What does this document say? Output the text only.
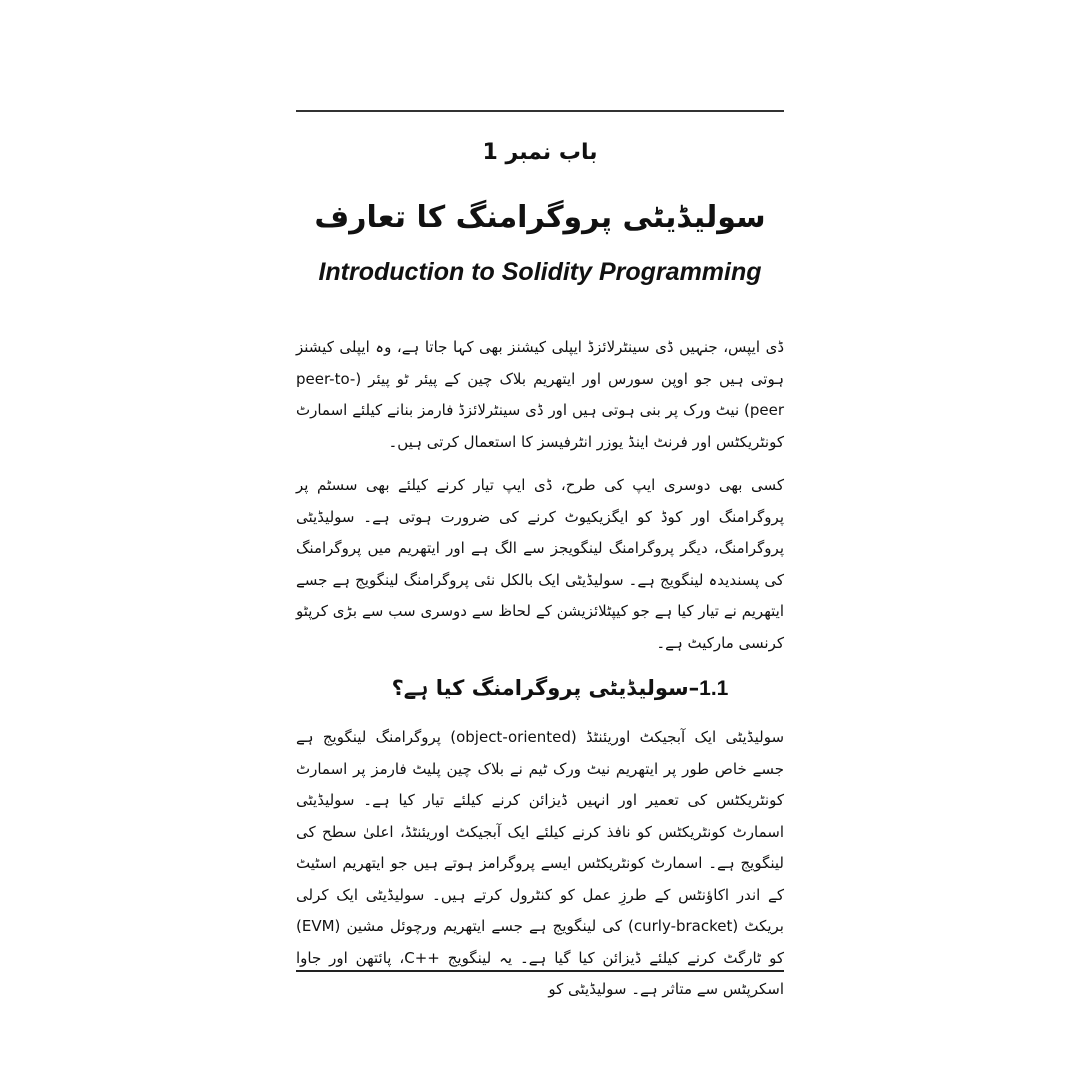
باب نمبر 1
سولیڈیٹی پروگرامنگ کا تعارف
Introduction to Solidity Programming

ڈی ایپس، جنہیں ڈی سینٹرلائزڈ ایپلی کیشنز بھی کہا جاتا ہے، وہ ایپلی کیشنز ہوتی ہیں جو اوپن سورس اور ایتھریم بلاک چین کے پیئر ٹو پیئر (peer-to-peer) نیٹ ورک پر بنی ہوتی ہیں اور ڈی سینٹرلائزڈ فارمز بنانے کیلئے اسمارٹ کونٹریکٹس اور فرنٹ اینڈ یوزر انٹرفیسز کا استعمال کرتی ہیں۔

کسی بھی دوسری ایپ کی طرح، ڈی ایپ تیار کرنے کیلئے بھی سسٹم پر پروگرامنگ اور کوڈ کو ایگزیکیوٹ کرنے کی ضرورت ہوتی ہے۔ سولیڈیٹی پروگرامنگ، دیگر پروگرامنگ لینگویجز سے الگ ہے اور ایتھریم میں پروگرامنگ کی پسندیدہ لینگویج ہے۔ سولیڈیٹی ایک بالکل نئی پروگرامنگ لینگویج ہے جسے ایتھریم نے تیار کیا ہے جو کیپٹلائزیشن کے لحاظ سے دوسری سب سے بڑی کرپٹو کرنسی مارکیٹ ہے۔

1.1–سولیڈیٹی پروگرامنگ کیا ہے؟

سولیڈیٹی ایک آبجیکٹ اوریئنٹڈ (object-oriented) پروگرامنگ لینگویج ہے جسے خاص طور پر ایتھریم نیٹ ورک ٹیم نے بلاک چین پلیٹ فارمز پر اسمارٹ کونٹریکٹس کی تعمیر اور انہیں ڈیزائن کرنے کیلئے تیار کیا ہے۔ سولیڈیٹی اسمارٹ کونٹریکٹس کو نافذ کرنے کیلئے ایک آبجیکٹ اوریئنٹڈ، اعلیٰ سطح کی لینگویج ہے۔ اسمارٹ کونٹریکٹس ایسے پروگرامز ہوتے ہیں جو ایتھریم اسٹیٹ کے اندر اکاؤنٹس کے طرزِ عمل کو کنٹرول کرتے ہیں۔ سولیڈیٹی ایک کرلی بریکٹ (curly-bracket) کی لینگویج ہے جسے ایتھریم ورچوئل مشین (EVM) کو ٹارگٹ کرنے کیلئے ڈیزائن کیا گیا ہے۔ یہ لینگویج ++C، پائتھن اور جاوا اسکرپٹس سے متاثر ہے۔ سولیڈیٹی کو
